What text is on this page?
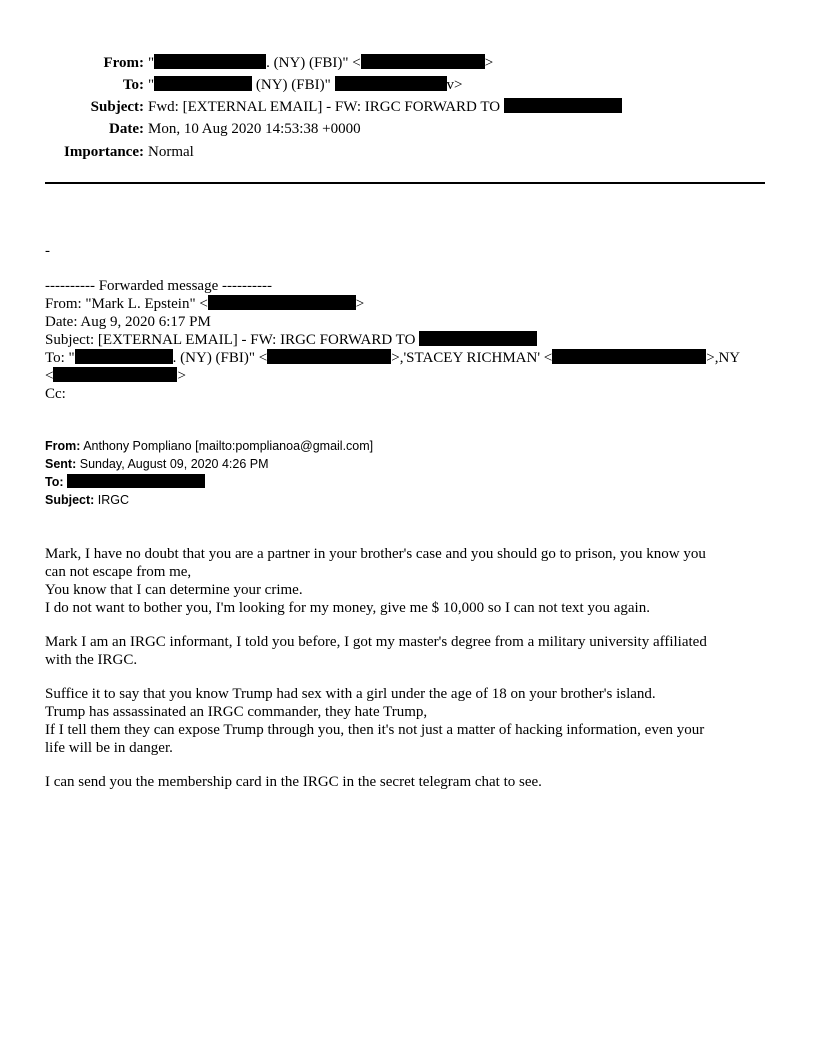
From: "	. (NY) (FBI)" <	>
To: "	(NY) (FBI)"	v>
Subject: Fwd: [EXTERNAL EMAIL] - FW: IRGC FORWARD TO
Date: Mon, 10 Aug 2020 14:53:38 +0000
Importance: Normal
-
---------- Forwarded message ----------
From: "Mark L. Epstein" <	>
Date: Aug 9, 2020 6:17 PM
Subject: [EXTERNAL EMAIL] - FW: IRGC FORWARD TO
To: "	. (NY) (FBI)" <	>,'STACEY RICHMAN' <	>,NY
<	>
Cc:
From: Anthony Pompliano [mailto:pomplianoa@gmail.com]
Sent: Sunday, August 09, 2020 4:26 PM
To:
Subject: IRGC

Mark, I have no doubt that you are a partner in your brother's case and you should go to prison, you know you

can not escape from me,

You know that I can determine your crime.

I do not want to bother you, I'm looking for my money, give me $ 10,000 so I can not text you again.

Mark I am an IRGC informant, I told you before, I got my master's degree from a military university affiliated

with the IRGC.

Suffice it to say that you know Trump had sex with a girl under the age of 18 on your brother's island.

Trump has assassinated an IRGC commander, they hate Trump,

If I tell them they can expose Trump through you, then it's not just a matter of hacking information, even your

life will be in danger.

I can send you the membership card in the IRGC in the secret telegram chat to see.
